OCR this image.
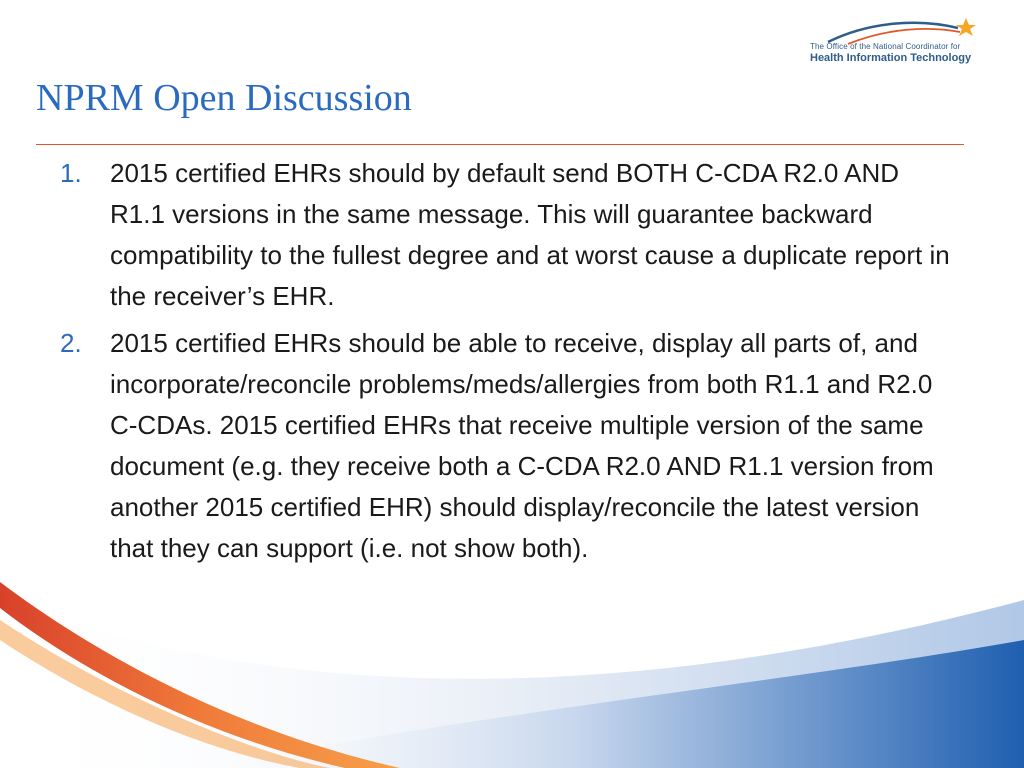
The Office of the National Coordinator for
Health Information Technology
NPRM Open Discussion
1. 2015 certified EHRs should by default send BOTH C-CDA R2.0 AND R1.1 versions in the same message. This will guarantee backward compatibility to the fullest degree and at worst cause a duplicate report in the receiver’s EHR.
2. 2015 certified EHRs should be able to receive, display all parts of, and incorporate/reconcile problems/meds/allergies from both R1.1 and R2.0 C-CDAs. 2015 certified EHRs that receive multiple version of the same document (e.g. they receive both a C-CDA R2.0 AND R1.1 version from another 2015 certified EHR) should display/reconcile the latest version that they can support (i.e. not show both).
